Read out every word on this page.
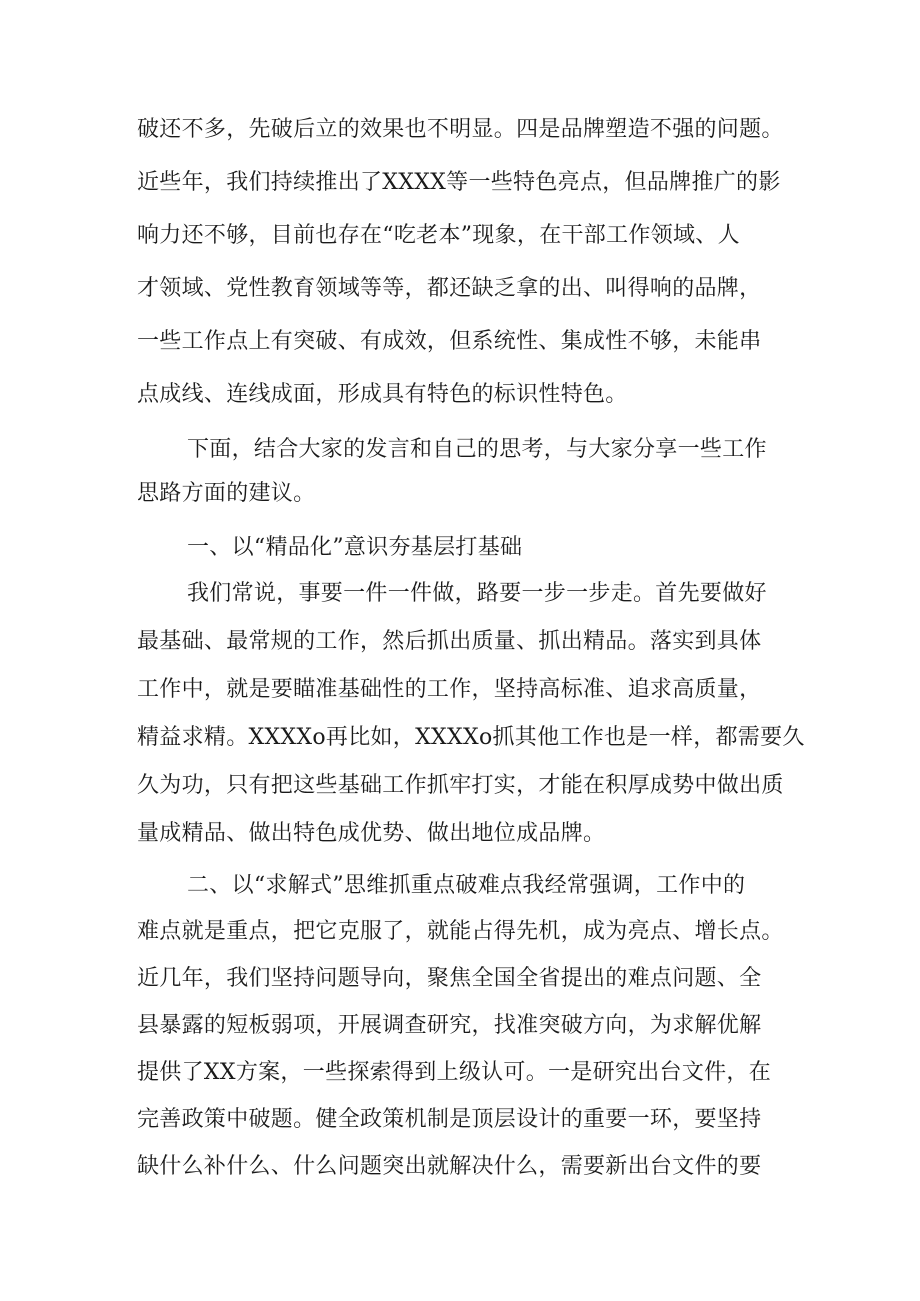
破还不多，先破后立的效果也不明显。四是品牌塑造不强的问题。
近些年，我们持续推出了XXXX等一些特色亮点，但品牌推广的影
响力还不够，目前也存在“吃老本”现象，在干部工作领域、人
才领域、党性教育领域等等，都还缺乏拿的出、叫得响的品牌，
一些工作点上有突破、有成效，但系统性、集成性不够，未能串
点成线、连线成面，形成具有特色的标识性特色。
下面，结合大家的发言和自己的思考，与大家分享一些工作
思路方面的建议。
一、以“精品化”意识夯基层打基础
我们常说，事要一件一件做，路要一步一步走。首先要做好
最基础、最常规的工作，然后抓出质量、抓出精品。落实到具体
工作中，就是要瞄准基础性的工作，坚持高标准、追求高质量，
精益求精。XXXXo再比如，XXXXo抓其他工作也是一样，都需要久
久为功，只有把这些基础工作抓牢打实，才能在积厚成势中做出质
量成精品、做出特色成优势、做出地位成品牌。
二、以“求解式”思维抓重点破难点我经常强调，工作中的
难点就是重点，把它克服了，就能占得先机，成为亮点、增长点。
近几年，我们坚持问题导向，聚焦全国全省提出的难点问题、全
县暴露的短板弱项，开展调查研究，找准突破方向，为求解优解
提供了XX方案，一些探索得到上级认可。一是研究出台文件，在
完善政策中破题。健全政策机制是顶层设计的重要一环，要坚持
缺什么补什么、什么问题突出就解决什么，需要新出台文件的要
